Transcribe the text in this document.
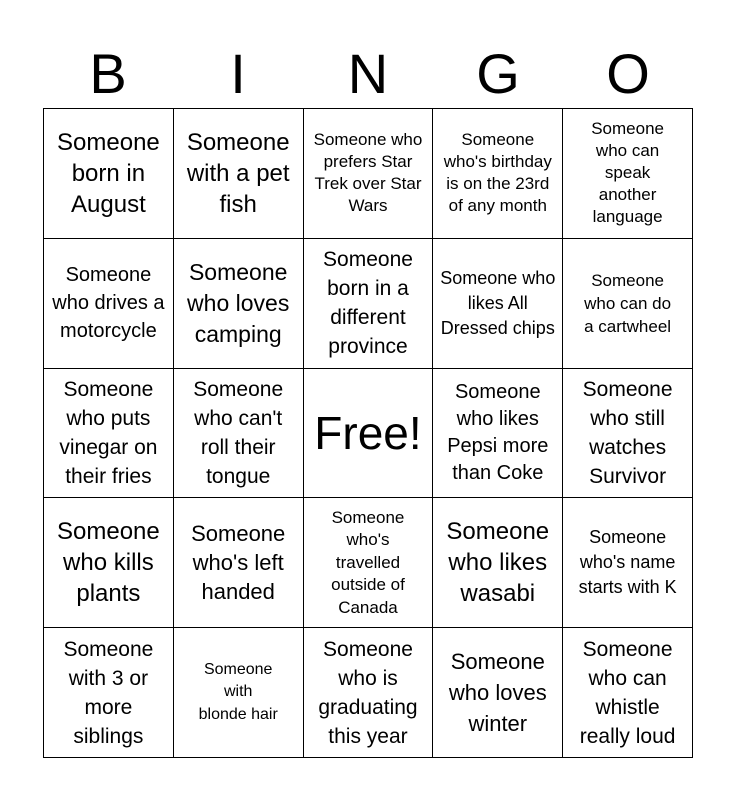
B	I	N	G	O
Someone born in August
Someone with a pet fish
Someone who prefers Star Trek over Star Wars
Someone who's birthday is on the 23rd of any month
Someone who can speak another language
Someone who drives a motorcycle
Someone who loves camping
Someone born in a different province
Someone who likes All Dressed chips
Someone who can do a cartwheel
Someone who puts vinegar on their fries
Someone who can't roll their tongue
Free!
Someone who likes Pepsi more than Coke
Someone who still watches Survivor
Someone who kills plants
Someone who's left handed
Someone who's travelled outside of Canada
Someone who likes wasabi
Someone who's name starts with K
Someone with 3 or more siblings
Someone with blonde hair
Someone who is graduating this year
Someone who loves winter
Someone who can whistle really loud
